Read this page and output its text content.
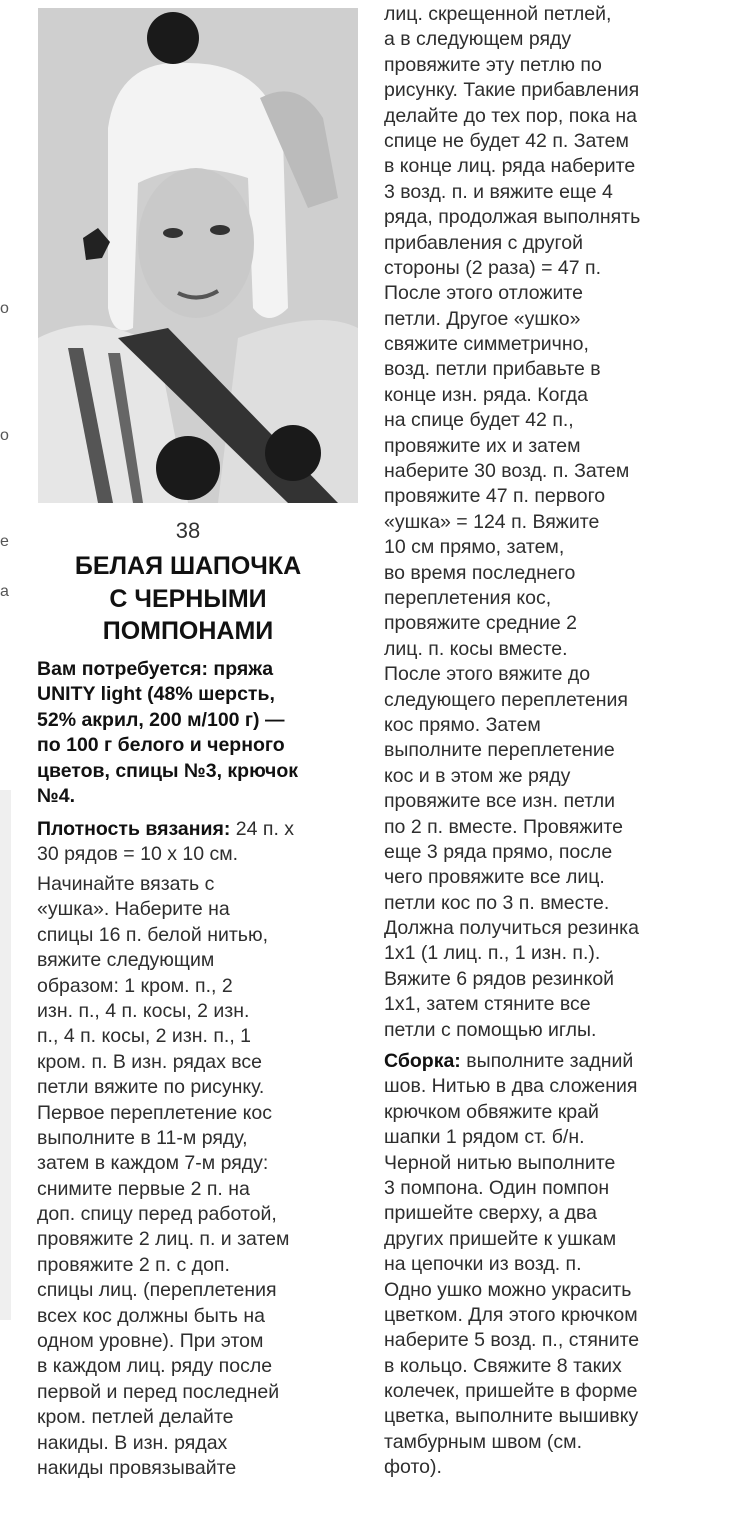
о
о
е
а
38
БЕЛАЯ ШАПОЧКА
С ЧЕРНЫМИ
ПОМПОНАМИ
Вам потребуется: пряжа
UNITY light (48% шерсть,
52% акрил, 200 м/100 г) —
по 100 г белого и черного
цветов, спицы №3, крючок
№4.
Плотность вязания: 24 п. х
30 рядов = 10 х 10 см.
Начинайте вязать с
«ушка». Наберите на
спицы 16 п. белой нитью,
вяжите следующим
образом: 1 кром. п., 2
изн. п., 4 п. косы, 2 изн.
п., 4 п. косы, 2 изн. п., 1
кром. п. В изн. рядах все
петли вяжите по рисунку.
Первое переплетение кос
выполните в 11-м ряду,
затем в каждом 7-м ряду:
снимите первые 2 п. на
доп. спицу перед работой,
провяжите 2 лиц. п. и затем
провяжите 2 п. с доп.
спицы лиц. (переплетения
всех кос должны быть на
одном уровне). При этом
в каждом лиц. ряду после
первой и перед последней
кром. петлей делайте
накиды. В изн. рядах
накиды провязывайте
лиц. скрещенной петлей,
а в следующем ряду
провяжите эту петлю по
рисунку. Такие прибавления
делайте до тех пор, пока на
спице не будет 42 п. Затем
в конце лиц. ряда наберите
3 возд. п. и вяжите еще 4
ряда, продолжая выполнять
прибавления с другой
стороны (2 раза) = 47 п.
После этого отложите
петли. Другое «ушко»
свяжите симметрично,
возд. петли прибавьте в
конце изн. ряда. Когда
на спице будет 42 п.,
провяжите их и затем
наберите 30 возд. п. Затем
провяжите 47 п. первого
«ушка» = 124 п. Вяжите
10 см прямо, затем,
во время последнего
переплетения кос,
провяжите средние 2
лиц. п. косы вместе.
После этого вяжите до
следующего переплетения
кос прямо. Затем
выполните переплетение
кос и в этом же ряду
провяжите все изн. петли
по 2 п. вместе. Провяжите
еще 3 ряда прямо, после
чего провяжите все лиц.
петли кос по 3 п. вместе.
Должна получиться резинка
1х1 (1 лиц. п., 1 изн. п.).
Вяжите 6 рядов резинкой
1х1, затем стяните все
петли с помощью иглы.
Сборка: выполните задний
шов. Нитью в два сложения
крючком обвяжите край
шапки 1 рядом ст. б/н.
Черной нитью выполните
3 помпона. Один помпон
пришейте сверху, а два
других пришейте к ушкам
на цепочки из возд. п.
Одно ушко можно украсить
цветком. Для этого крючком
наберите 5 возд. п., стяните
в кольцо. Свяжите 8 таких
колечек, пришейте в форме
цветка, выполните вышивку
тамбурным швом (см.
фото).
